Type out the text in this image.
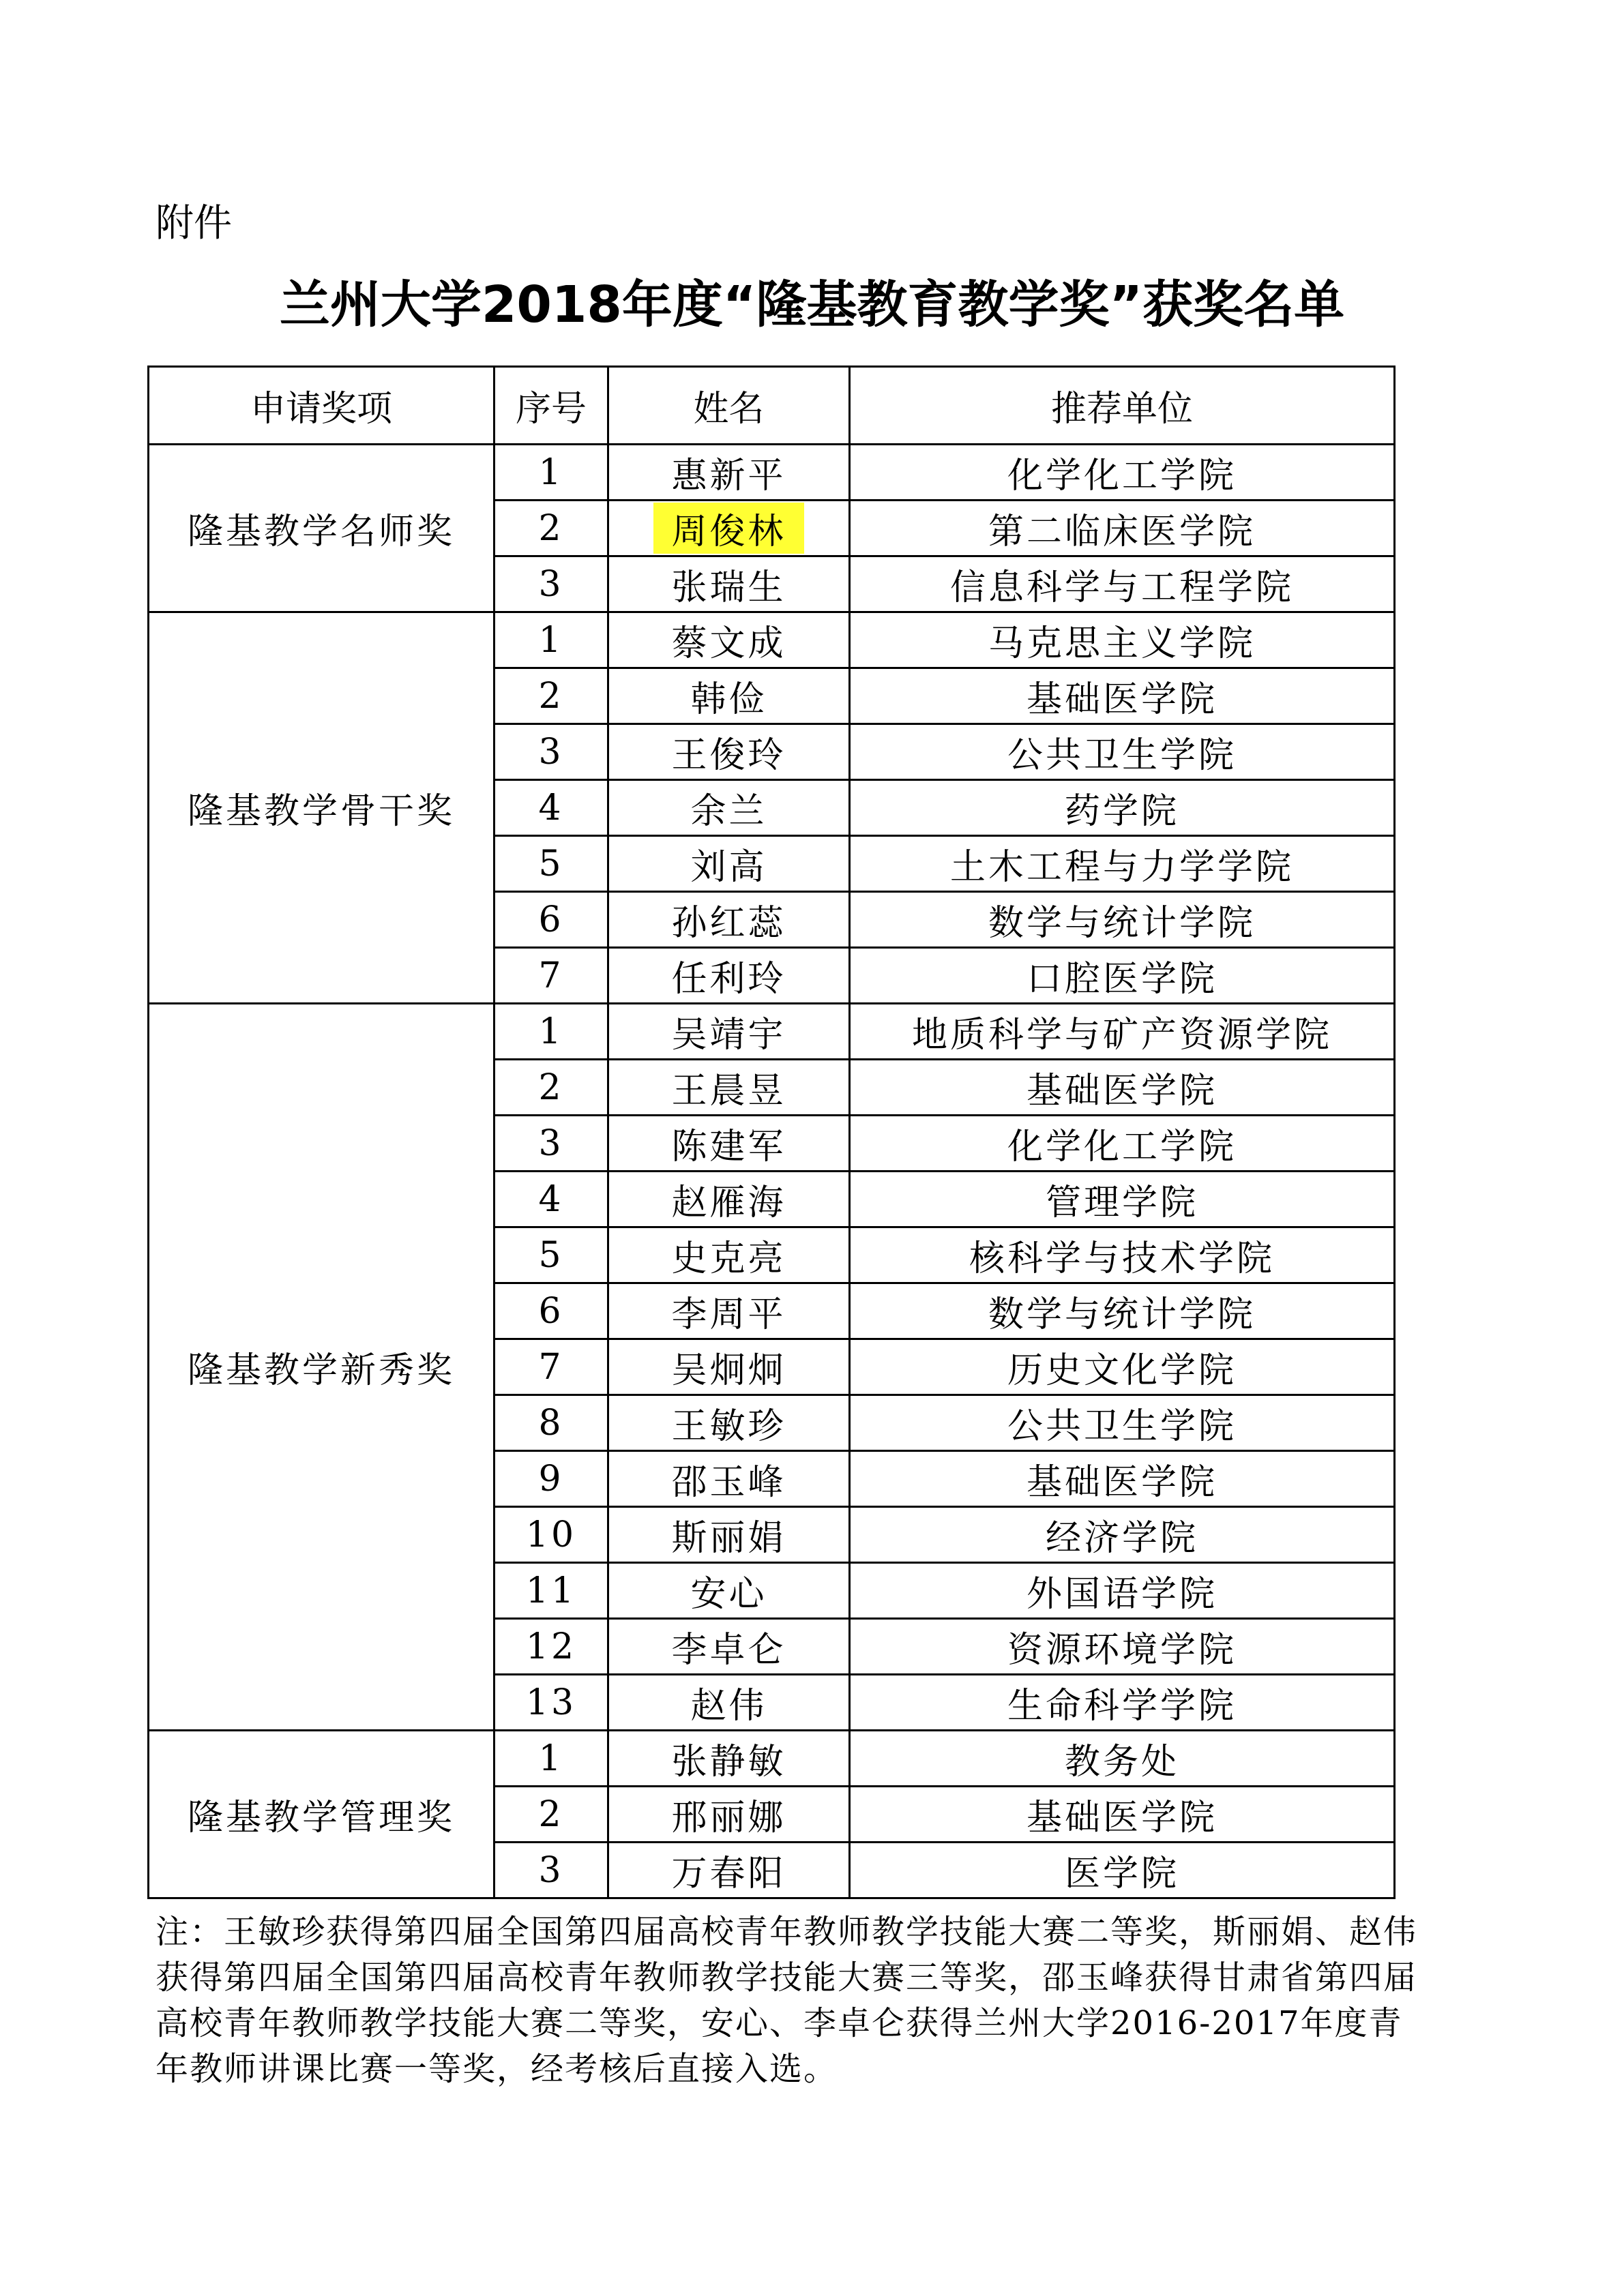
附件
兰州大学2018年度“隆基教育教学奖”获奖名单
申请奖项	序号	姓名	推荐单位
隆基教学名师奖	1	惠新平	化学化工学院
	2	周俊林	第二临床医学院
	3	张瑞生	信息科学与工程学院
隆基教学骨干奖	1	蔡文成	马克思主义学院
	2	韩俭	基础医学院
	3	王俊玲	公共卫生学院
	4	余兰	药学院
	5	刘高	土木工程与力学学院
	6	孙红蕊	数学与统计学院
	7	任利玲	口腔医学院
隆基教学新秀奖	1	吴靖宇	地质科学与矿产资源学院
	2	王晨昱	基础医学院
	3	陈建军	化学化工学院
	4	赵雁海	管理学院
	5	史克亮	核科学与技术学院
	6	李周平	数学与统计学院
	7	吴炯炯	历史文化学院
	8	王敏珍	公共卫生学院
	9	邵玉峰	基础医学院
	10	斯丽娟	经济学院
	11	安心	外国语学院
	12	李卓仑	资源环境学院
	13	赵伟	生命科学学院
隆基教学管理奖	1	张静敏	教务处
	2	邢丽娜	基础医学院
	3	万春阳	医学院
注：王敏珍获得第四届全国第四届高校青年教师教学技能大赛二等奖，斯丽娟、赵伟获得第四届全国第四届高校青年教师教学技能大赛三等奖，邵玉峰获得甘肃省第四届高校青年教师教学技能大赛二等奖，安心、李卓仑获得兰州大学2016-2017年度青年教师讲课比赛一等奖，经考核后直接入选。
